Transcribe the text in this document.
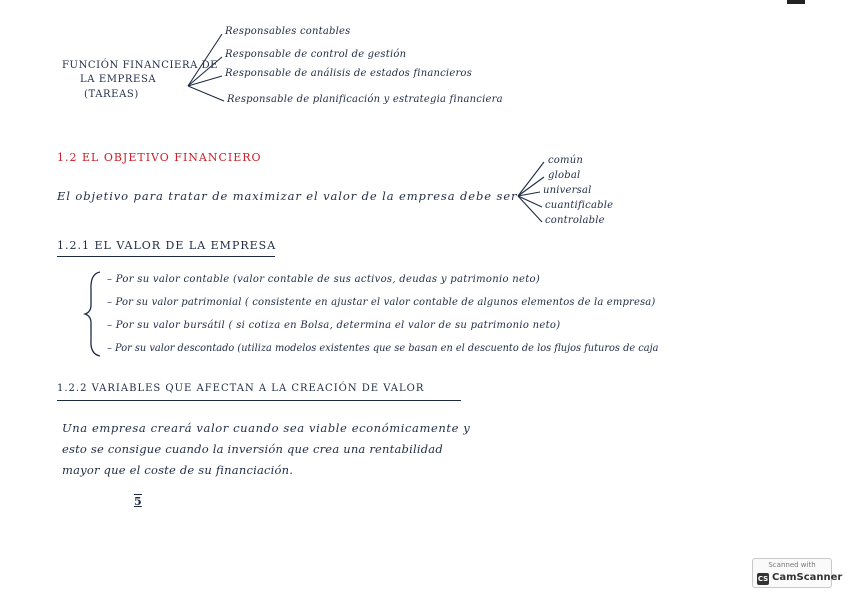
FUNCIÓN FINANCIERA DE
LA EMPRESA
(TAREAS)
Responsables contables
Responsable de control de gestión
Responsable de análisis de estados financieros
Responsable de planificación y estrategia financiera
1.2 EL OBJETIVO FINANCIERO
El objetivo para tratar de maximizar el valor de la empresa debe ser
común
global
universal
cuantificable
controlable
1.2.1 EL VALOR DE LA EMPRESA
– Por su valor contable (valor contable de sus activos, deudas y patrimonio neto)
– Por su valor patrimonial ( consistente en ajustar el valor contable de algunos elementos de la empresa)
– Por su valor bursátil ( si cotiza en Bolsa, determina el valor de su patrimonio neto)
– Por su valor descontado (utiliza modelos existentes que se basan en el descuento de los flujos futuros de caja
1.2.2 VARIABLES QUE AFECTAN A LA CREACIÓN DE VALOR
Una empresa creará valor cuando sea viable económicamente y
esto se consigue cuando la inversión que crea una rentabilidad
mayor que el coste de su financiación.
5
Scanned with
CS CamScanner
